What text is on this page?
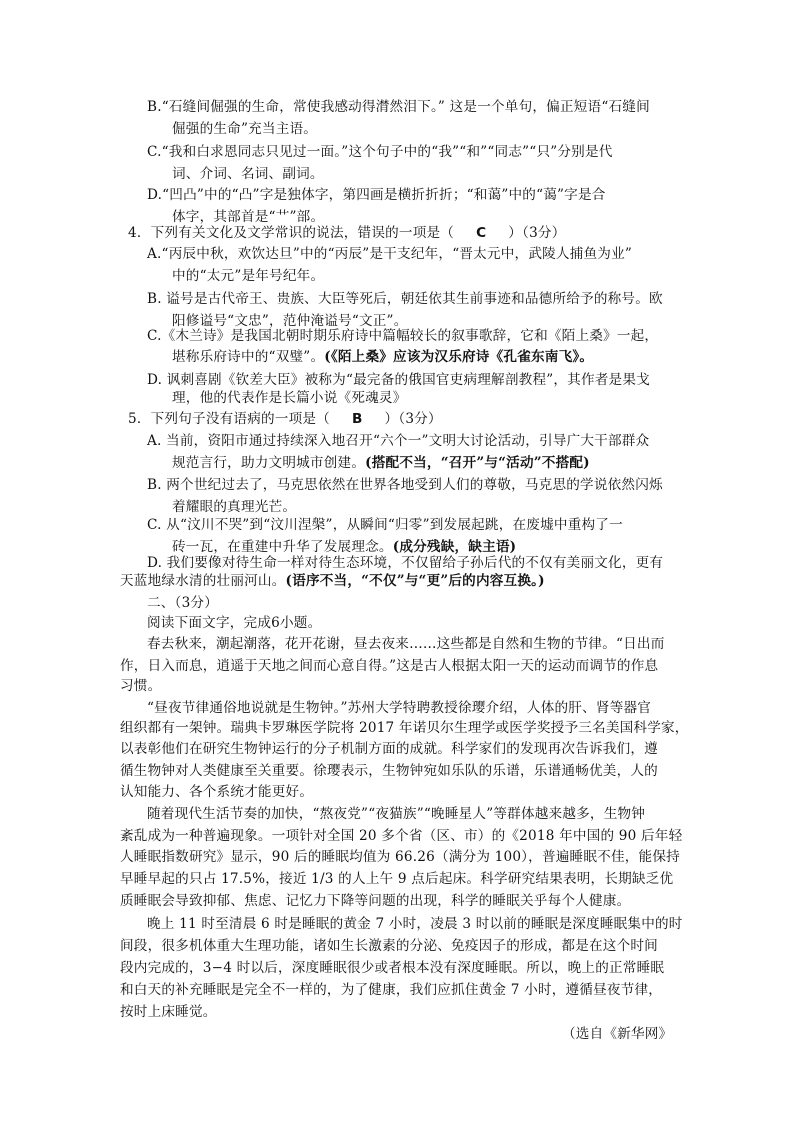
B.“石缝间倔强的生命，常使我感动得潸然泪下。” 这是一个单句，偏正短语“石缝间
倔强的生命”充当主语。
C.“我和白求恩同志只见过一面。”这个句子中的“我”“和”“同志”“只”分别是代
词、介词、名词、副词。
D.“凹凸”中的“凸”字是独体字，第四画是横折折折；“和蔼”中的“蔼”字是合
体字，其部首是“艹”部。
4．下列有关文化及文学常识的说法，错误的一项是（ C ）（3分）
A.“丙辰中秋，欢饮达旦”中的“丙辰”是干支纪年，“晋太元中，武陵人捕鱼为业”
中的“太元”是年号纪年。
B. 谥号是古代帝王、贵族、大臣等死后，朝廷依其生前事迹和品德所给予的称号。欧
阳修谥号“文忠”，范仲淹谥号“文正”。
C.《木兰诗》是我国北朝时期乐府诗中篇幅较长的叙事歌辞，它和《陌上桑》一起，
堪称乐府诗中的“双璧”。(《陌上桑》应该为汉乐府诗《孔雀东南飞》。
D. 讽刺喜剧《钦差大臣》被称为“最完备的俄国官吏病理解剖教程”，其作者是果戈
理，他的代表作是长篇小说《死魂灵》
5．下列句子没有语病的一项是（ B ）（3分）
A. 当前，资阳市通过持续深入地召开“六个一”文明大讨论活动，引导广大干部群众
规范言行，助力文明城市创建。(搭配不当，“召开”与“活动”不搭配)
B. 两个世纪过去了，马克思依然在世界各地受到人们的尊敬，马克思的学说依然闪烁
着耀眼的真理光芒。
C. 从“汶川不哭”到“汶川涅槃”，从瞬间“归零”到发展起跳，在废墟中重构了一
砖一瓦，在重建中升华了发展理念。(成分残缺，缺主语)
D. 我们要像对待生命一样对待生态环境，不仅留给子孙后代的不仅有美丽文化，更有
天蓝地绿水清的壮丽河山。(语序不当，“不仅”与“更”后的内容互换。)
二、（3分）
阅读下面文字，完成6小题。
春去秋来，潮起潮落，花开花谢，昼去夜来……这些都是自然和生物的节律。“日出而
作，日入而息，逍遥于天地之间而心意自得。”这是古人根据太阳一天的运动而调节的作息
习惯。
“昼夜节律通俗地说就是生物钟。”苏州大学特聘教授徐璎介绍，人体的肝、肾等器官
组织都有一架钟。瑞典卡罗琳医学院将 2017 年诺贝尔生理学或医学奖授予三名美国科学家，
以表彰他们在研究生物钟运行的分子机制方面的成就。科学家们的发现再次告诉我们，遵
循生物钟对人类健康至关重要。徐璎表示，生物钟宛如乐队的乐谱，乐谱通畅优美，人的
认知能力、各个系统才能更好。
随着现代生活节奏的加快，“熬夜党”“夜猫族”“晚睡星人”等群体越来越多，生物钟
紊乱成为一种普遍现象。一项针对全国 20 多个省（区、市）的《2018 年中国的 90 后年轻
人睡眠指数研究》显示，90 后的睡眠均值为 66.26（满分为 100），普遍睡眠不佳，能保持
早睡早起的只占 17.5%，接近 1/3 的人上午 9 点后起床。科学研究结果表明，长期缺乏优
质睡眠会导致抑郁、焦虑、记忆力下降等问题的出现，科学的睡眠关乎每个人健康。
晚上 11 时至清晨 6 时是睡眠的黄金 7 小时，凌晨 3 时以前的睡眠是深度睡眠集中的时
间段，很多机体重大生理功能，诸如生长激素的分泌、免疫因子的形成，都是在这个时间
段内完成的，3−4 时以后，深度睡眠很少或者根本没有深度睡眠。所以，晚上的正常睡眠
和白天的补充睡眠是完全不一样的，为了健康，我们应抓住黄金 7 小时，遵循昼夜节律，
按时上床睡觉。
（选自《新华网》
